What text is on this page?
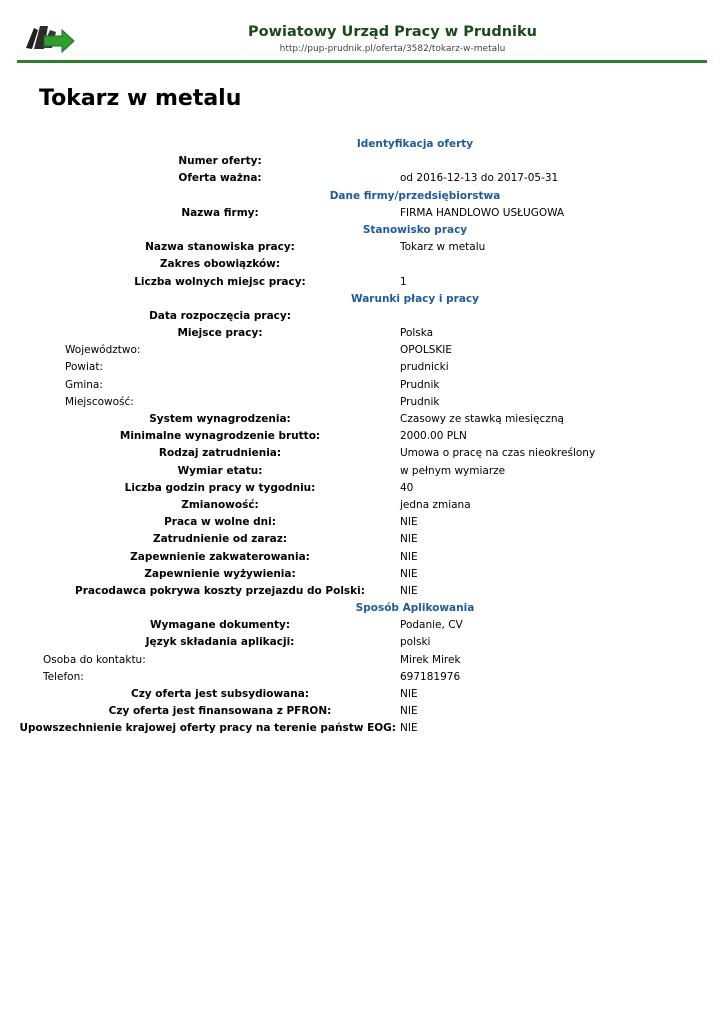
Powiatowy Urząd Pracy w Prudniku
http://pup-prudnik.pl/oferta/3582/tokarz-w-metalu
Tokarz w metalu
Identyfikacja oferty
Numer oferty:
Oferta ważna:	od 2016-12-13 do 2017-05-31
Dane firmy/przedsiębiorstwa
Nazwa firmy:	FIRMA HANDLOWO USŁUGOWA
Stanowisko pracy
Nazwa stanowiska pracy:	Tokarz w metalu
Zakres obowiązków:
Liczba wolnych miejsc pracy:	1
Warunki płacy i pracy
Data rozpoczęcia pracy:
Miejsce pracy:	Polska
Województwo:	OPOLSKIE
Powiat:	prudnicki
Gmina:	Prudnik
Miejscowość:	Prudnik
System wynagrodzenia:	Czasowy ze stawką miesięczną
Minimalne wynagrodzenie brutto:	2000.00 PLN
Rodzaj zatrudnienia:	Umowa o pracę na czas nieokreślony
Wymiar etatu:	w pełnym wymiarze
Liczba godzin pracy w tygodniu:	40
Zmianowość:	jedna zmiana
Praca w wolne dni:	NIE
Zatrudnienie od zaraz:	NIE
Zapewnienie zakwaterowania:	NIE
Zapewnienie wyżywienia:	NIE
Pracodawca pokrywa koszty przejazdu do Polski:	NIE
Sposób Aplikowania
Wymagane dokumenty:	Podanie, CV
Język składania aplikacji:	polski
Osoba do kontaktu:	Mirek Mirek
Telefon:	697181976
Czy oferta jest subsydiowana:	NIE
Czy oferta jest finansowana z PFRON:	NIE
Upowszechnienie krajowej oferty pracy na terenie państw EOG: NIE
